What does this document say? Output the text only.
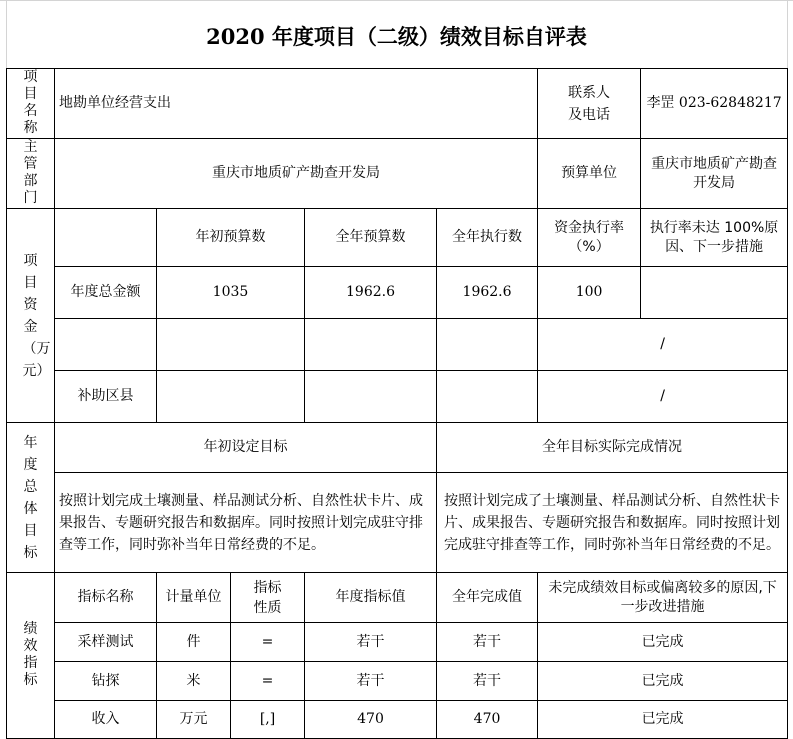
2020 年度项目（二级）绩效目标自评表
项目名称	地勘单位经营支出					联系人及电话	李罡 023-62848217
主管部门	重庆市地质矿产勘查开发局					预算单位	重庆市地质矿产勘查开发局
项目资金（万元）		年初预算数		全年预算数	全年执行数	资金执行率（%）	执行率未达 100%原因、下一步措施
	年度总金额	1035		1962.6	1962.6	100	
						/	
	补助区县					/	
年度总体目标	年初设定目标				全年目标实际完成情况		
	按照计划完成土壤测量、样品测试分析、自然性状卡片、成果报告、专题研究报告和数据库。同时按照计划完成驻守排查等工作，同时弥补当年日常经费的不足。				按照计划完成了土壤测量、样品测试分析、自然性状卡片、成果报告、专题研究报告和数据库。同时按照计划完成驻守排查等工作，同时弥补当年日常经费的不足。		
绩效指标	指标名称	计量单位	指标性质	年度指标值	全年完成值	未完成绩效目标或偏离较多的原因,下一步改进措施	
	采样测试	件	=	若干	若干	已完成	
	钻探	米	=	若干	若干	已完成	
	收入	万元	[,]	470	470	已完成	
